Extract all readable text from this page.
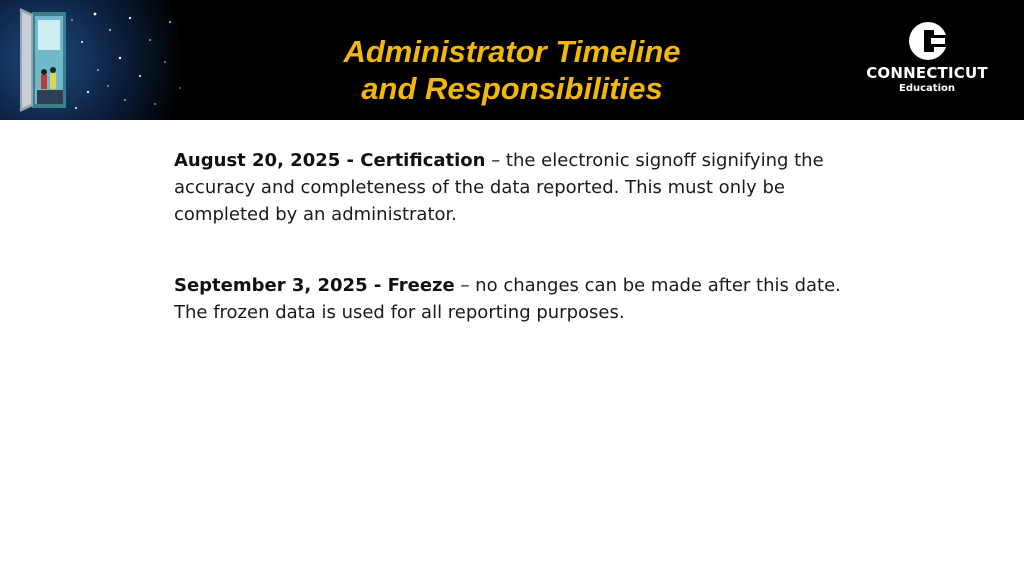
Administrator Timeline
and Responsibilities	CONNECTICUT
Education

August 20, 2025 - Certification – the electronic signoff signifying the accuracy and completeness of the data reported. This must only be completed by an administrator.

September 3, 2025 - Freeze – no changes can be made after this date. The frozen data is used for all reporting purposes.
